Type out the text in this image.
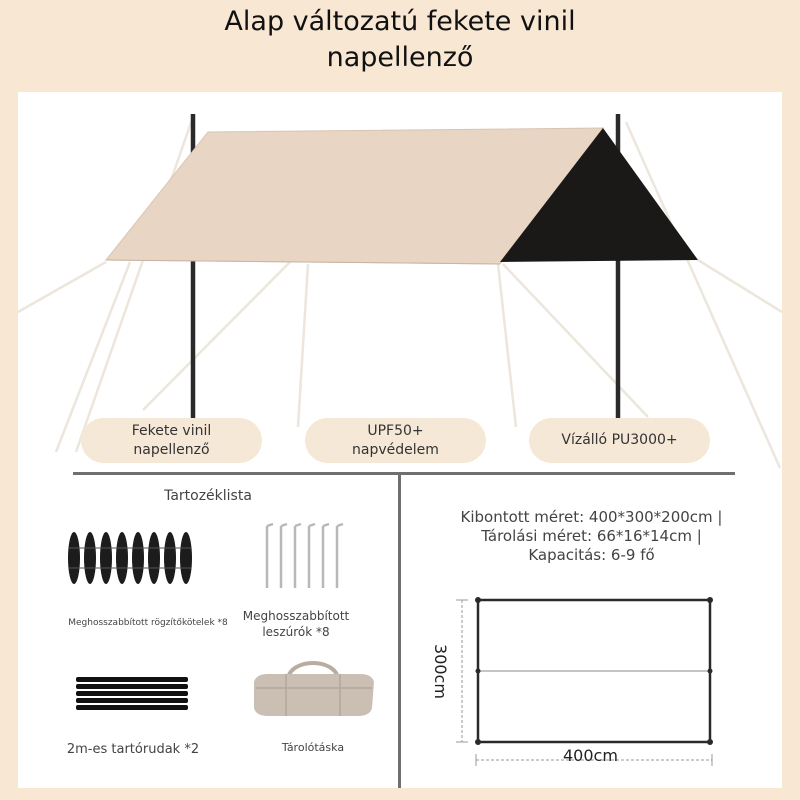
Alap változatú fekete vinil
napellenző
Fekete vinil
napellenző
UPF50+
napvédelem
Vízálló PU3000+
Tartozéklista
Meghosszabbított rögzítőkötelek *8	Meghosszabbított
leszúrók *8
2m-es tartórudak *2	Tárolótáska
Kibontott méret: 400*300*200cm |
Tárolási méret: 66*16*14cm |
Kapacitás: 6-9 fő
400cm
300cm
